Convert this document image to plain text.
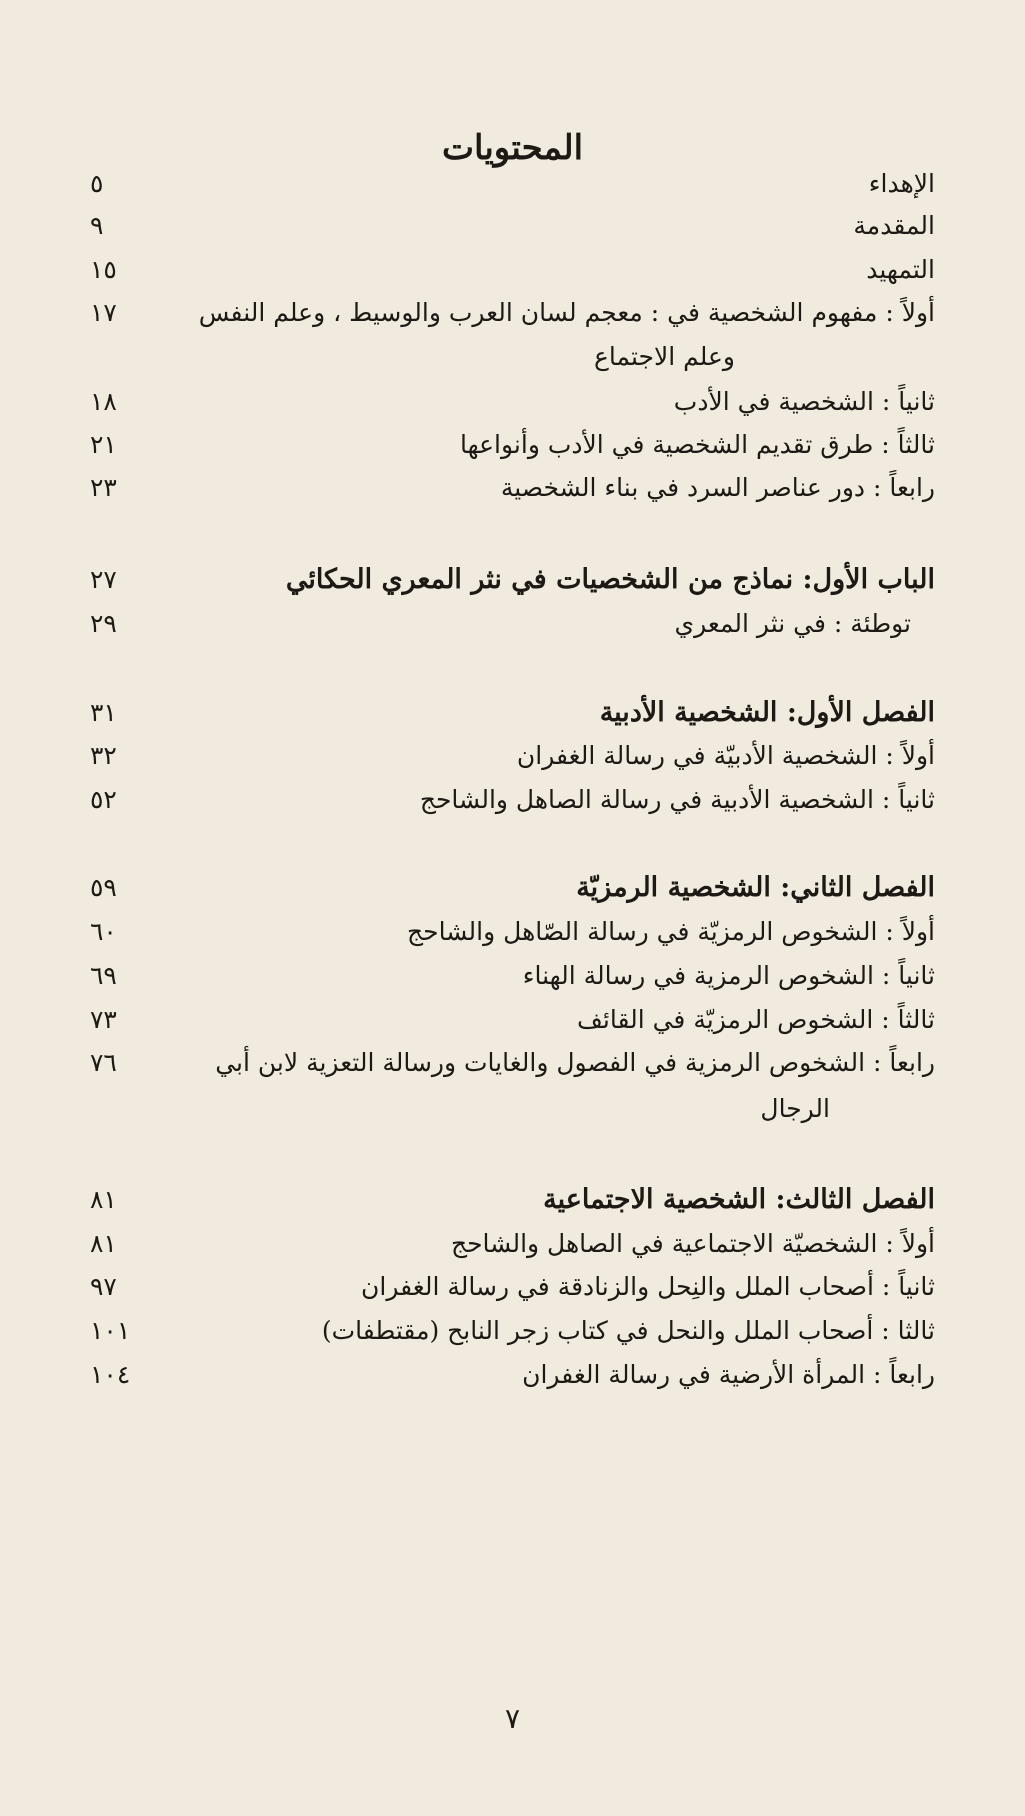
المحتويات
الإهداء
٥
المقدمة
٩
التمهيد
١٥
أولاً : مفهوم الشخصية في : معجم لسان العرب والوسيط ، وعلم النفس
١٧
وعلم الاجتماع
ثانياً : الشخصية في الأدب
١٨
ثالثاً : طرق تقديم الشخصية في الأدب وأنواعها
٢١
رابعاً : دور عناصر السرد في بناء الشخصية
٢٣
الباب الأول: نماذج من الشخصيات في نثر المعري الحكائي
٢٧
توطئة : في نثر المعري
٢٩
الفصل الأول: الشخصية الأدبية
٣١
أولاً : الشخصية الأدبيّة في رسالة الغفران
٣٢
ثانياً : الشخصية الأدبية في رسالة الصاهل والشاحج
٥٢
الفصل الثاني: الشخصية الرمزيّة
٥٩
أولاً : الشخوص الرمزيّة في رسالة الصّاهل والشاحج
٦٠
ثانياً : الشخوص الرمزية في رسالة الهناء
٦٩
ثالثاً : الشخوص الرمزيّة في القائف
٧٣
رابعاً : الشخوص الرمزية في الفصول والغايات ورسالة التعزية لابن أبي
٧٦
الرجال
الفصل الثالث: الشخصية الاجتماعية
٨١
أولاً : الشخصيّة الاجتماعية في الصاهل والشاحج
٨١
ثانياً : أصحاب الملل والنِحل والزنادقة في رسالة الغفران
٩٧
ثالثا : أصحاب الملل والنحل في كتاب زجر النابح (مقتطفات)
١٠١
رابعاً : المرأة الأرضية في رسالة الغفران
١٠٤
٧
